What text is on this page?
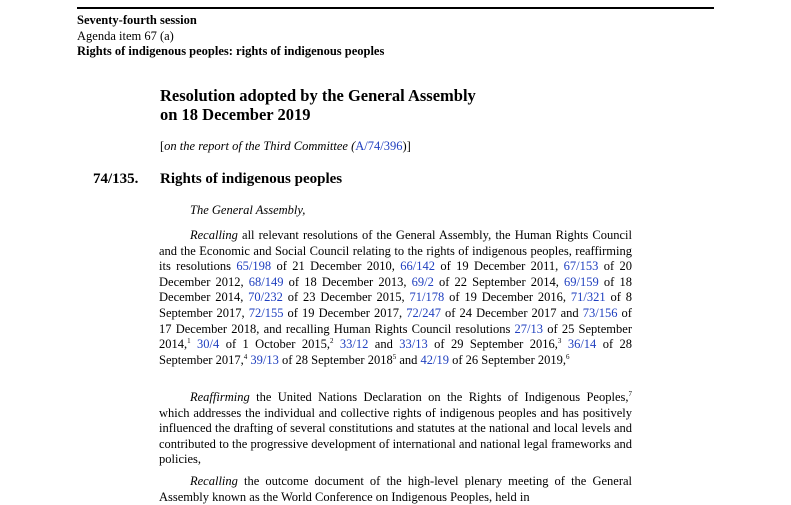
Seventy-fourth session
Agenda item 67 (a)
Rights of indigenous peoples: rights of indigenous peoples
Resolution adopted by the General Assembly
on 18 December 2019
[on the report of the Third Committee (A/74/396)]
74/135. Rights of indigenous peoples
The General Assembly,
Recalling all relevant resolutions of the General Assembly, the Human Rights Council and the Economic and Social Council relating to the rights of indigenous peoples, reaffirming its resolutions 65/198 of 21 December 2010, 66/142 of 19 December 2011, 67/153 of 20 December 2012, 68/149 of 18 December 2013, 69/2 of 22 September 2014, 69/159 of 18 December 2014, 70/232 of 23 December 2015, 71/178 of 19 December 2016, 71/321 of 8 September 2017, 72/155 of 19 December 2017, 72/247 of 24 December 2017 and 73/156 of 17 December 2018, and recalling Human Rights Council resolutions 27/13 of 25 September 2014,$^1$ 30/4 of 1 October 2015,$^2$ 33/12 and 33/13 of 29 September 2016,$^3$ 36/14 of 28 September 2017,$^4$ 39/13 of 28 September 2018$^5$ and 42/19 of 26 September 2019,$^6$
Reaffirming the United Nations Declaration on the Rights of Indigenous Peoples,$^7$ which addresses the individual and collective rights of indigenous peoples and has positively influenced the drafting of several constitutions and statutes at the national and local levels and contributed to the progressive development of international and national legal frameworks and policies,
Recalling the outcome document of the high-level plenary meeting of the General Assembly known as the World Conference on Indigenous Peoples, held in
